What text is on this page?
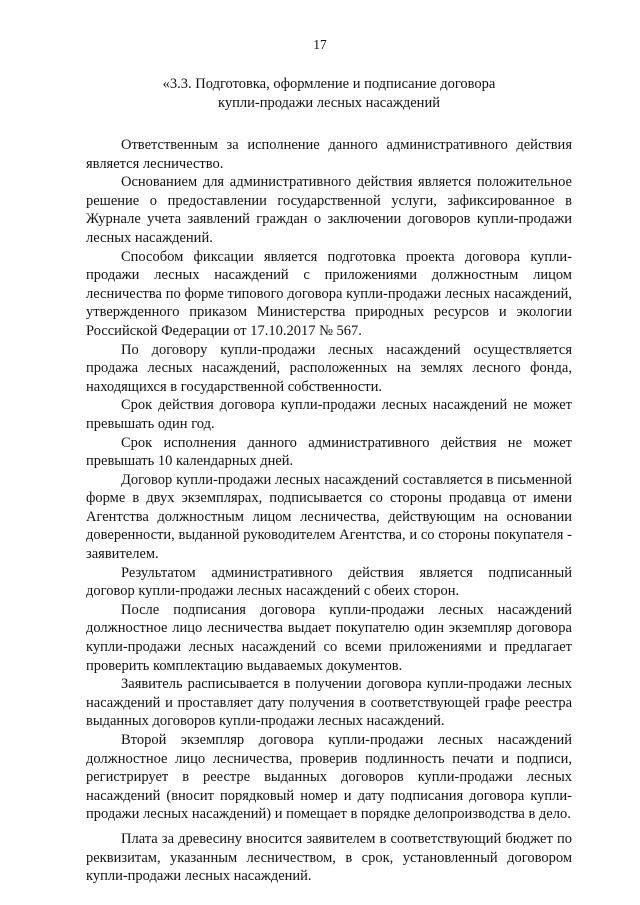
17
«3.3. Подготовка, оформление и подписание договора
купли-продажи лесных насаждений

Ответственным за исполнение данного административного действия является лесничество.

Основанием для административного действия является положительное решение о предоставлении государственной услуги, зафиксированное в Журнале учета заявлений граждан о заключении договоров купли-продажи лесных насаждений.

Способом фиксации является подготовка проекта договора купли-продажи лесных насаждений с приложениями должностным лицом лесничества по форме типового договора купли-продажи лесных насаждений, утвержденного приказом Министерства природных ресурсов и экологии Российской Федерации от 17.10.2017 № 567.

По договору купли-продажи лесных насаждений осуществляется продажа лесных насаждений, расположенных на землях лесного фонда, находящихся в государственной собственности.

Срок действия договора купли-продажи лесных насаждений не может превышать один год.

Срок исполнения данного административного действия не может превышать 10 календарных дней.

Договор купли-продажи лесных насаждений составляется в письменной форме в двух экземплярах, подписывается со стороны продавца от имени Агентства должностным лицом лесничества, действующим на основании доверенности, выданной руководителем Агентства, и со стороны покупателя - заявителем.

Результатом административного действия является подписанный договор купли-продажи лесных насаждений с обеих сторон.

После подписания договора купли-продажи лесных насаждений должностное лицо лесничества выдает покупателю один экземпляр договора купли-продажи лесных насаждений со всеми приложениями и предлагает проверить комплектацию выдаваемых документов.

Заявитель расписывается в получении договора купли-продажи лесных насаждений и проставляет дату получения в соответствующей графе реестра выданных договоров купли-продажи лесных насаждений.

Второй экземпляр договора купли-продажи лесных насаждений должностное лицо лесничества, проверив подлинность печати и подписи, регистрирует в реестре выданных договоров купли-продажи лесных насаждений (вносит порядковый номер и дату подписания договора купли-продажи лесных насаждений) и помещает в порядке делопроизводства в дело.

Плата за древесину вносится заявителем в соответствующий бюджет по реквизитам, указанным лесничеством, в срок, установленный договором купли-продажи лесных насаждений.
